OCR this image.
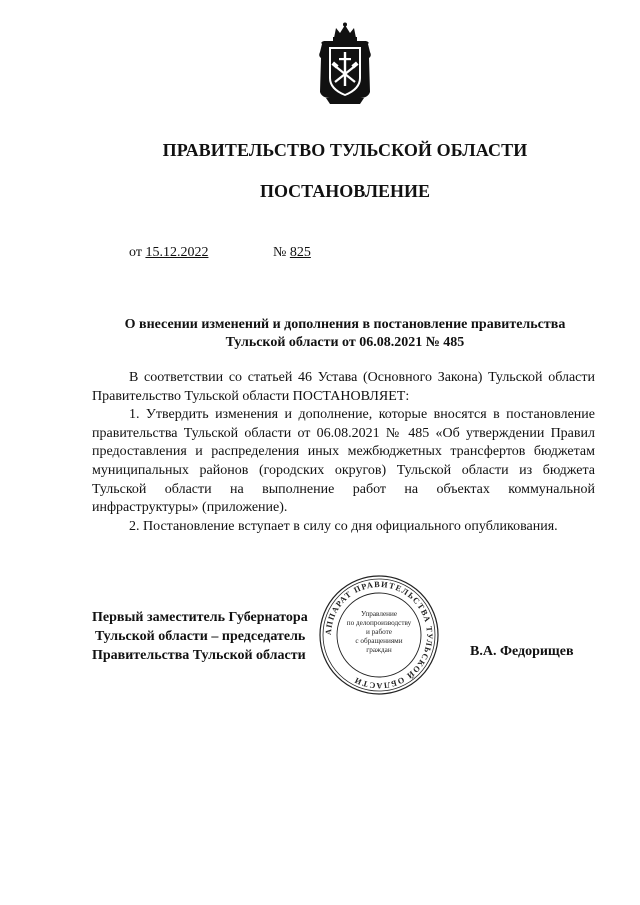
ПРАВИТЕЛЬСТВО ТУЛЬСКОЙ ОБЛАСТИ
ПОСТАНОВЛЕНИЕ
от 15.12.2022	№ 825
О внесении изменений и дополнения в постановление правительства Тульской области от 06.08.2021 № 485

В соответствии со статьей 46 Устава (Основного Закона) Тульской области Правительство Тульской области ПОСТАНОВЛЯЕТ:

1. Утвердить изменения и дополнение, которые вносятся в постановление правительства Тульской области от 06.08.2021 № 485 «Об утверждении Правил предоставления и распределения иных межбюджетных трансфертов бюджетам муниципальных районов (городских округов) Тульской области из бюджета Тульской области на выполнение работ на объектах коммунальной инфраструктуры» (приложение).

2. Постановление вступает в силу со дня официального опубликования.

Первый заместитель Губернатора
Тульской области – председатель
Правительства Тульской области	В.А. Федорищев
АППАРАТ ПРАВИТЕЛЬСТВА ТУЛЬСКОЙ ОБЛАСТИ
Управление
по делопроизводству
и работе
с обращениями
граждан
